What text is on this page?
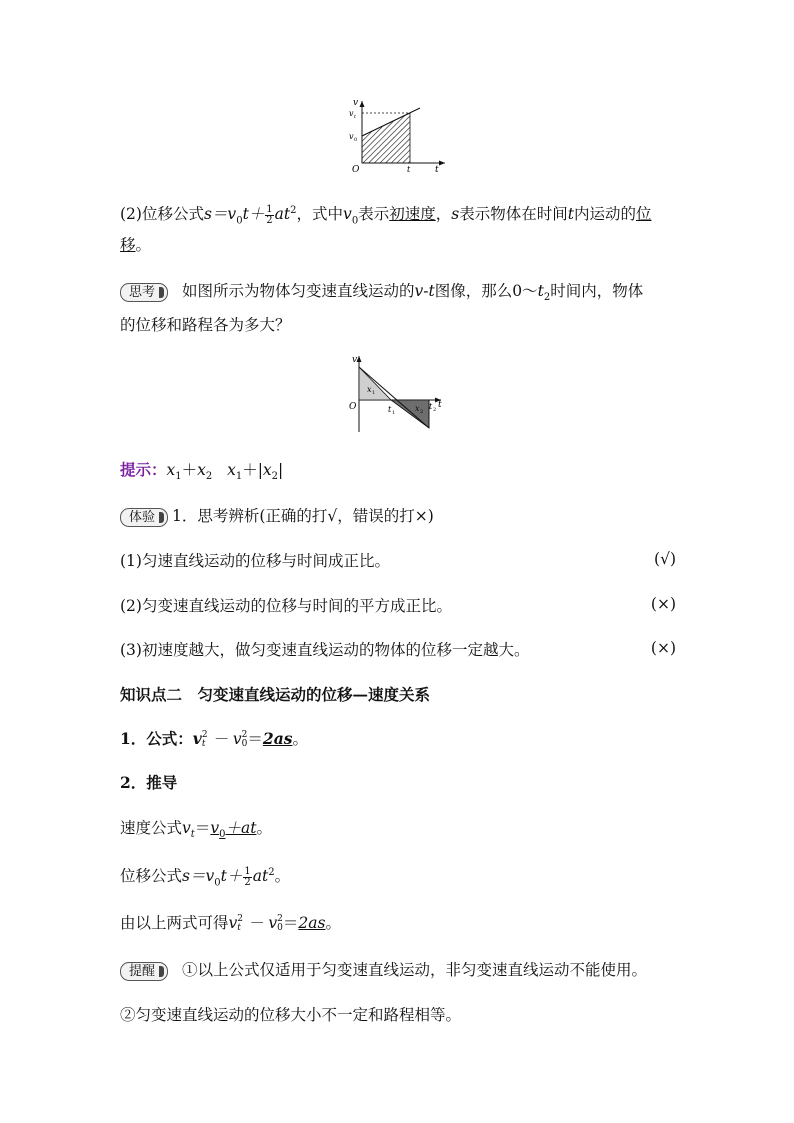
v
v t
v 0
O	t	t
(2)位移公式$s=v_0t+ \frac{1}{2} at^2$，式中$v_0$表示初速度，s表示物体在时间t内运动的位
移。
思考 如图所示为物体匀变速直线运动的v-t图像，那么$0\sim t_2$时间内，物体
的位移和路程各为多大？
v
O
x 1
t 1 x 2
t 2 t
提示：$x_1+x_2$ $x_1+|x_2|$
体验 1．思考辨析(正确的打√，错误的打×)
(1)匀速直线运动的位移与时间成正比。	(√)
(2)匀变速直线运动的位移与时间的平方成正比。	(×)
(3)初速度越大，做匀变速直线运动的物体的位移一定越大。	(×)
知识点二　匀变速直线运动的位移—速度关系
1．公式：v 2
t － v 2
0 ＝2as。
2．推导
速度公式$v_t=v_0+at$。
位移公式$s=v_0t+ \frac{1}{2} at^2$。
由以上两式可得v 2
t － v 2
0 ＝2as。
提醒 ①以上公式仅适用于匀变速直线运动，非匀变速直线运动不能使用。
②匀变速直线运动的位移大小不一定和路程相等。
